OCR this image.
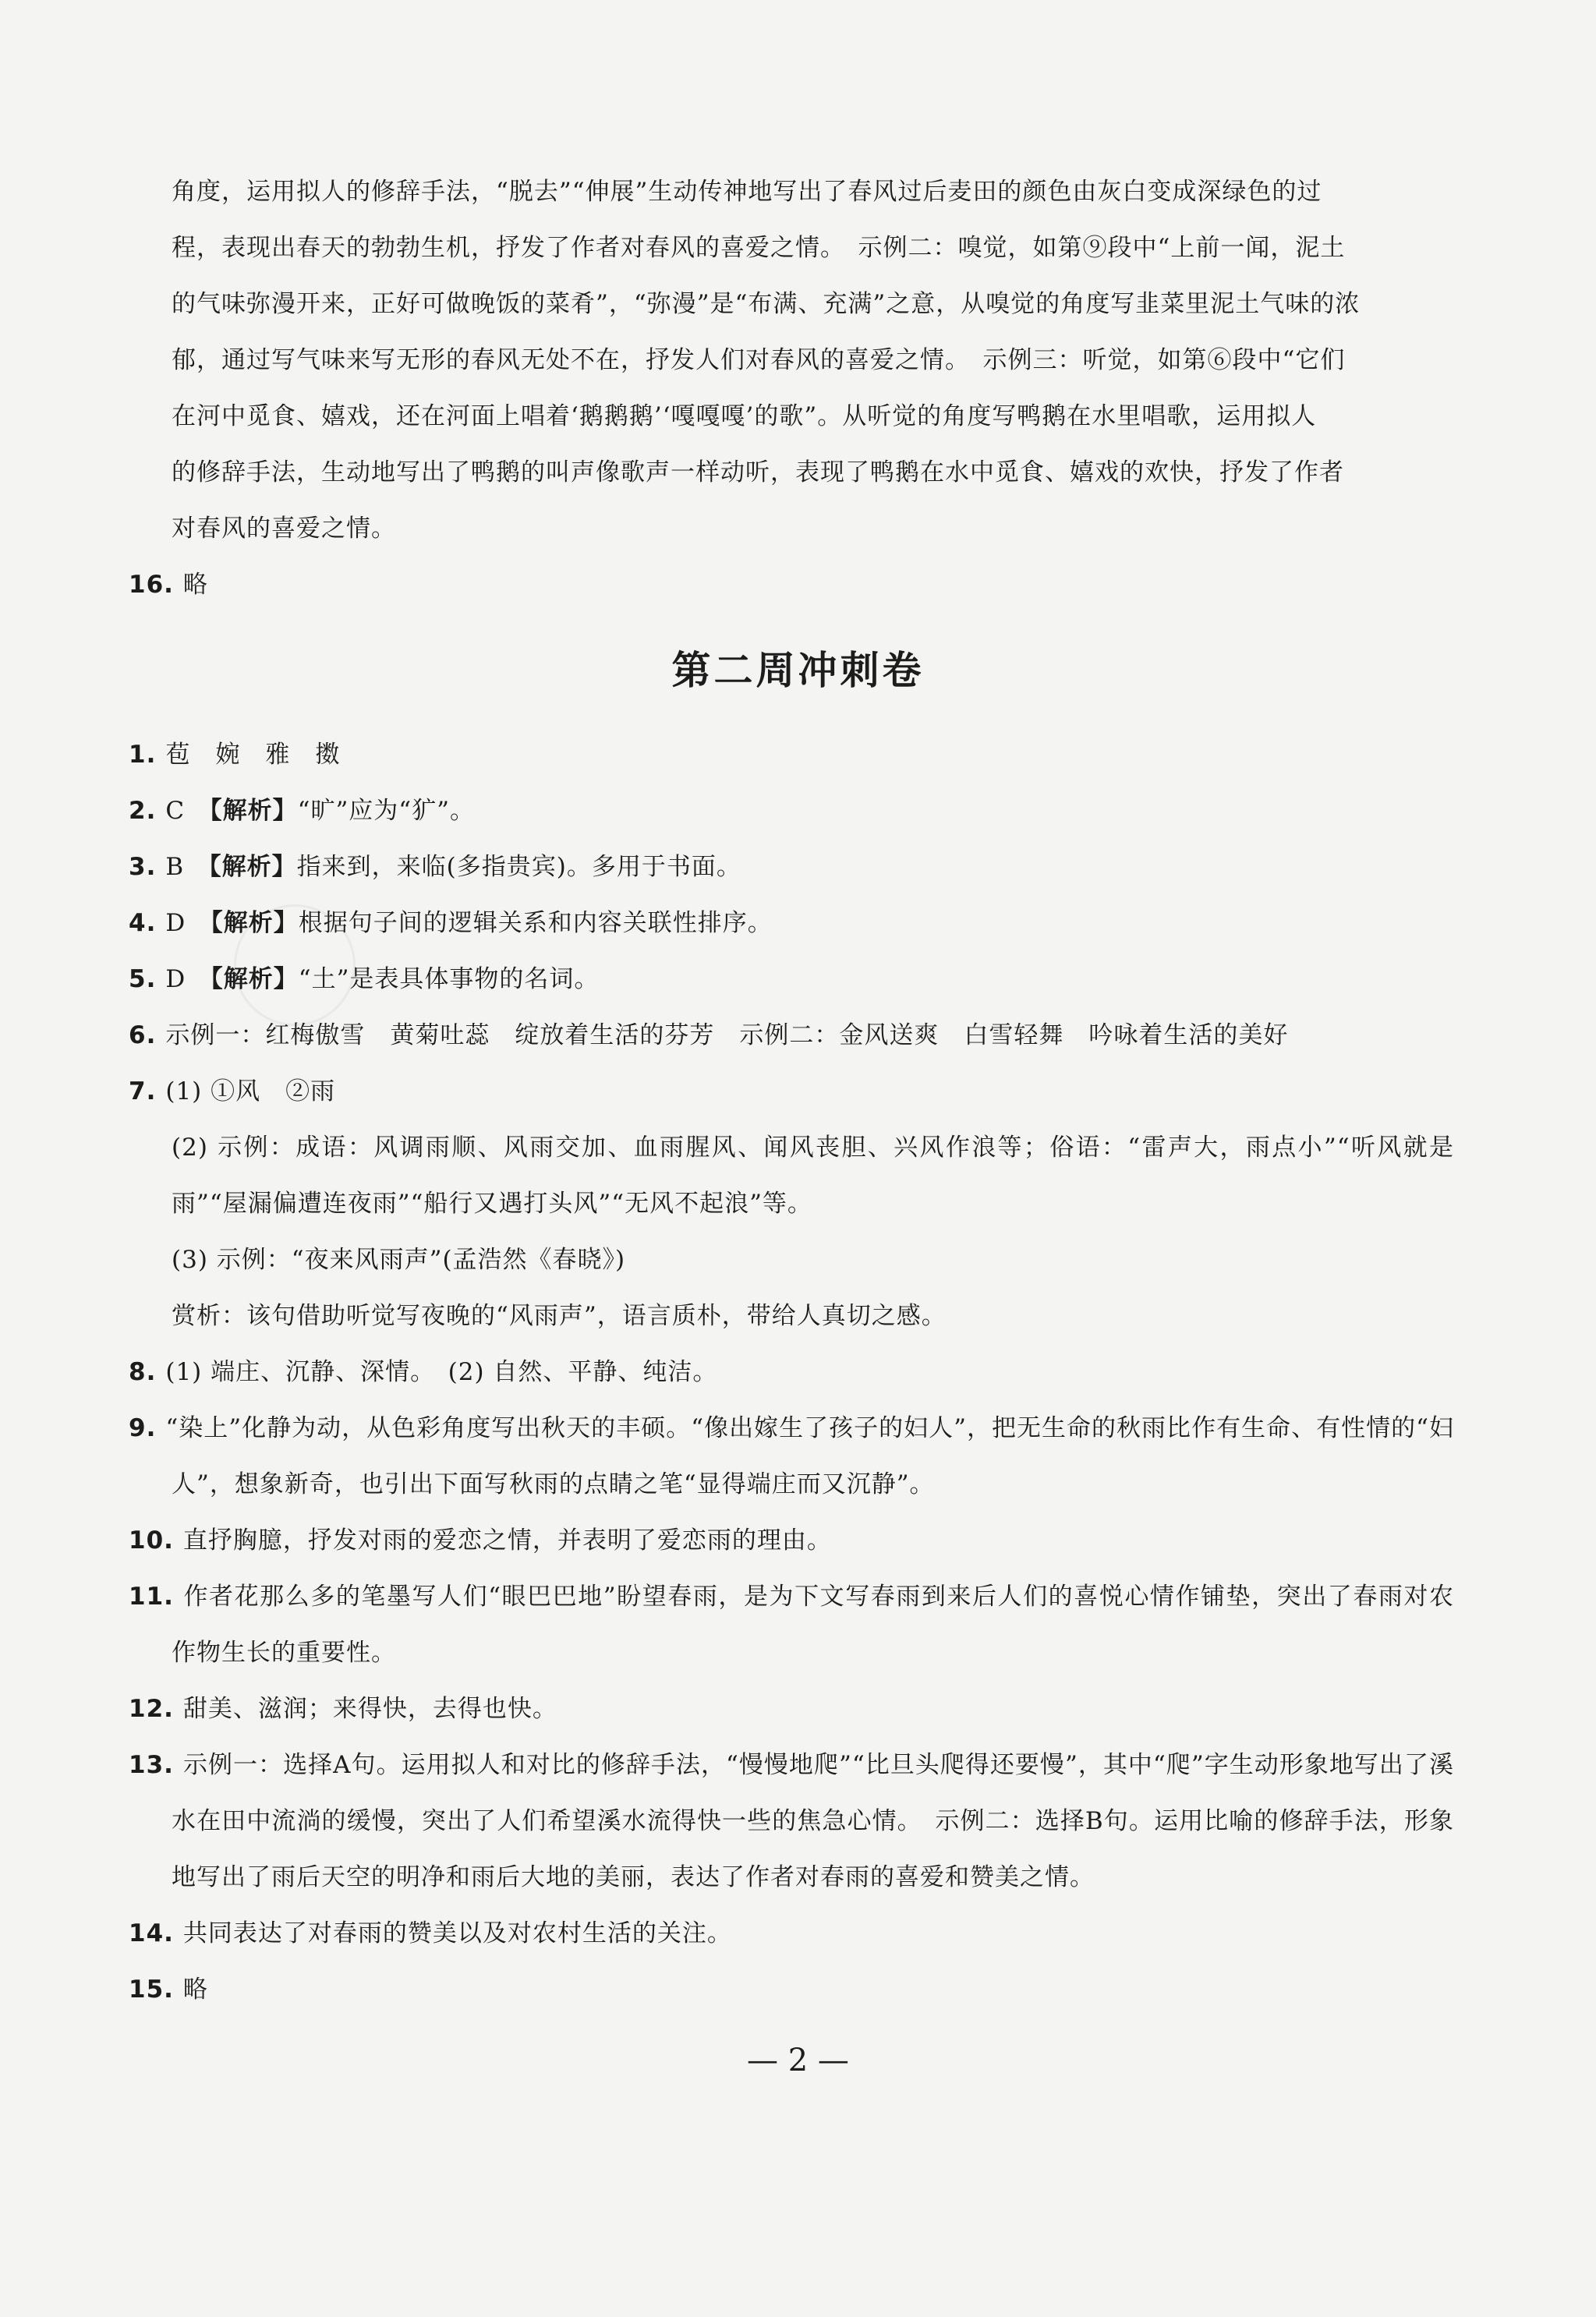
角度，运用拟人的修辞手法，“脱去”“伸展”生动传神地写出了春风过后麦田的颜色由灰白变成深绿色的过
程，表现出春天的勃勃生机，抒发了作者对春风的喜爱之情。　示例二：嗅觉，如第⑨段中“上前一闻，泥土
的气味弥漫开来，正好可做晚饭的菜肴”，“弥漫”是“布满、充满”之意，从嗅觉的角度写韭菜里泥土气味的浓
郁，通过写气味来写无形的春风无处不在，抒发人们对春风的喜爱之情。　示例三：听觉，如第⑥段中“它们
在河中觅食、嬉戏，还在河面上唱着‘鹅鹅鹅’‘嘎嘎嘎’的歌”。从听觉的角度写鸭鹅在水里唱歌，运用拟人
的修辞手法，生动地写出了鸭鹅的叫声像歌声一样动听，表现了鸭鹅在水中觅食、嬉戏的欢快，抒发了作者
对春风的喜爱之情。
16. 略
第二周冲刺卷
1. 苞　婉　雅　擞
2. C　【解析】“旷”应为“犷”。
3. B　【解析】指来到，来临(多指贵宾)。多用于书面。
4. D　【解析】根据句子间的逻辑关系和内容关联性排序。
5. D　【解析】“土”是表具体事物的名词。
6. 示例一：红梅傲雪　黄菊吐蕊　绽放着生活的芬芳　示例二：金风送爽　白雪轻舞　吟咏着生活的美好
7. (1) ①风　②雨
(2) 示例：成语：风调雨顺、风雨交加、血雨腥风、闻风丧胆、兴风作浪等；俗语：“雷声大，雨点小”“听风就是雨”“屋漏偏遭连夜雨”“船行又遇打头风”“无风不起浪”等。
(3) 示例：“夜来风雨声”(孟浩然《春晓》)
赏析：该句借助听觉写夜晚的“风雨声”，语言质朴，带给人真切之感。
8. (1) 端庄、沉静、深情。　(2) 自然、平静、纯洁。
9. “染上”化静为动，从色彩角度写出秋天的丰硕。“像出嫁生了孩子的妇人”，把无生命的秋雨比作有生命、有性情的“妇人”，想象新奇，也引出下面写秋雨的点睛之笔“显得端庄而又沉静”。
10. 直抒胸臆，抒发对雨的爱恋之情，并表明了爱恋雨的理由。
11. 作者花那么多的笔墨写人们“眼巴巴地”盼望春雨，是为下文写春雨到来后人们的喜悦心情作铺垫，突出了春雨对农作物生长的重要性。
12. 甜美、滋润；来得快，去得也快。
13. 示例一：选择A句。运用拟人和对比的修辞手法，“慢慢地爬”“比旦头爬得还要慢”，其中“爬”字生动形象地写出了溪水在田中流淌的缓慢，突出了人们希望溪水流得快一些的焦急心情。　示例二：选择B句。运用比喻的修辞手法，形象地写出了雨后天空的明净和雨后大地的美丽，表达了作者对春雨的喜爱和赞美之情。
14. 共同表达了对春雨的赞美以及对农村生活的关注。
15. 略
— 2 —
